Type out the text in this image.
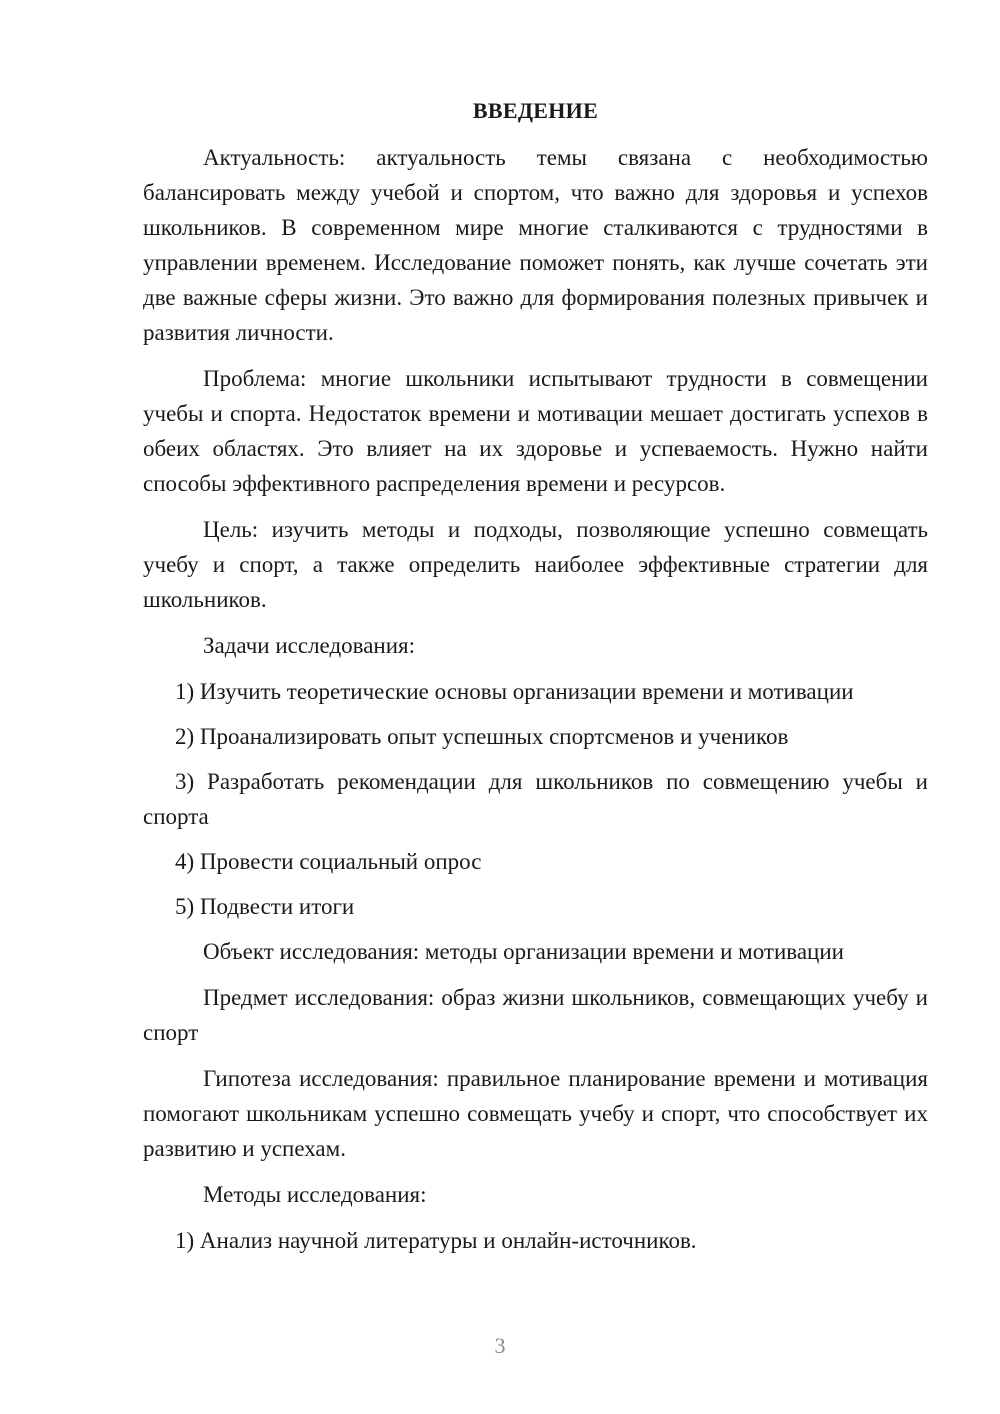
ВВЕДЕНИЕ

Актуальность: актуальность темы связана с необходимостью балансировать между учебой и спортом, что важно для здоровья и успехов школьников. В современном мире многие сталкиваются с трудностями в управлении временем. Исследование поможет понять, как лучше сочетать эти две важные сферы жизни. Это важно для формирования полезных привычек и развития личности.

Проблема: многие школьники испытывают трудности в совмещении учебы и спорта. Недостаток времени и мотивации мешает достигать успехов в обеих областях. Это влияет на их здоровье и успеваемость. Нужно найти способы эффективного распределения времени и ресурсов.

Цель: изучить методы и подходы, позволяющие успешно совмещать учебу и спорт, а также определить наиболее эффективные стратегии для школьников.

Задачи исследования:

1) Изучить теоретические основы организации времени и мотивации

2) Проанализировать опыт успешных спортсменов и учеников

3) Разработать рекомендации для школьников по совмещению учебы и спорта

4) Провести социальный опрос

5) Подвести итоги

Объект исследования: методы организации времени и мотивации

Предмет исследования: образ жизни школьников, совмещающих учебу и спорт

Гипотеза исследования: правильное планирование времени и мотивация помогают школьникам успешно совмещать учебу и спорт, что способствует их развитию и успехам.

Методы исследования:

1) Анализ научной литературы и онлайн-источников.

3
